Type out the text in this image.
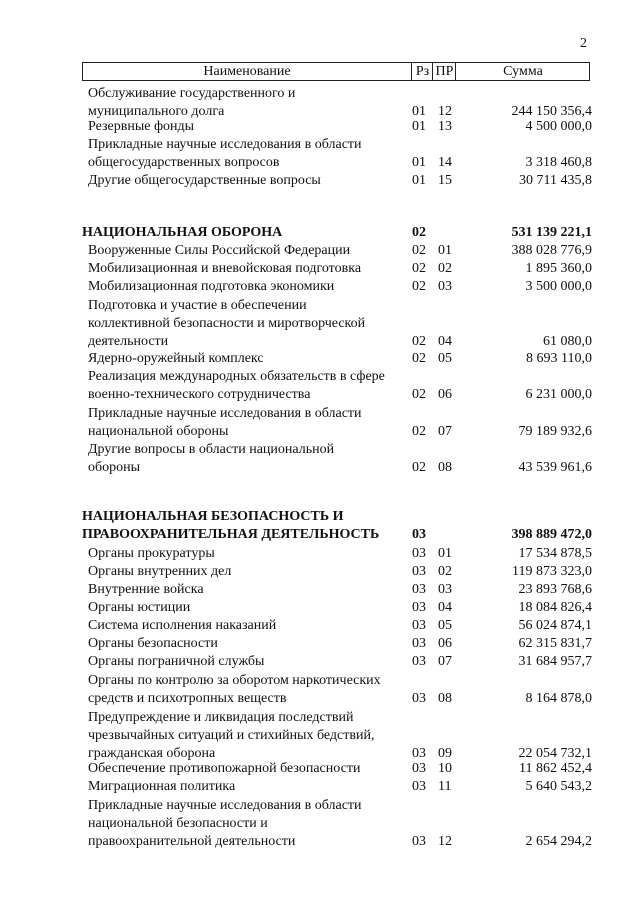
2
Наименование	Рз ПР	Сумма
Обслуживание государственного и
муниципального долга	01 12	244 150 356,4
Резервные фонды	01 13	4 500 000,0
Прикладные научные исследования в области
общегосударственных вопросов	01 14	3 318 460,8
Другие общегосударственные вопросы	01 15	30 711 435,8
НАЦИОНАЛЬНАЯ ОБОРОНА	02	531 139 221,1
Вооруженные Силы Российской Федерации	02 01	388 028 776,9
Мобилизационная и вневойсковая подготовка	02 02	1 895 360,0
Мобилизационная подготовка экономики	02 03	3 500 000,0
Подготовка и участие в обеспечении
коллективной безопасности и миротворческой
деятельности	02 04	61 080,0
Ядерно-оружейный комплекс	02 05	8 693 110,0
Реализация международных обязательств в сфере
военно-технического сотрудничества	02 06	6 231 000,0
Прикладные научные исследования в области
национальной обороны	02 07	79 189 932,6
Другие вопросы в области национальной
обороны	02 08	43 539 961,6
НАЦИОНАЛЬНАЯ БЕЗОПАСНОСТЬ И
ПРАВООХРАНИТЕЛЬНАЯ ДЕЯТЕЛЬНОСТЬ	03	398 889 472,0
Органы прокуратуры	03 01	17 534 878,5
Органы внутренних дел	03 02	119 873 323,0
Внутренние войска	03 03	23 893 768,6
Органы юстиции	03 04	18 084 826,4
Система исполнения наказаний	03 05	56 024 874,1
Органы безопасности	03 06	62 315 831,7
Органы пограничной службы	03 07	31 684 957,7
Органы по контролю за оборотом наркотических
средств и психотропных веществ	03 08	8 164 878,0
Предупреждение и ликвидация последствий
чрезвычайных ситуаций и стихийных бедствий,
гражданская оборона	03 09	22 054 732,1
Обеспечение противопожарной безопасности	03 10	11 862 452,4
Миграционная политика	03 11	5 640 543,2
Прикладные научные исследования в области
национальной безопасности и
правоохранительной деятельности	03 12	2 654 294,2
